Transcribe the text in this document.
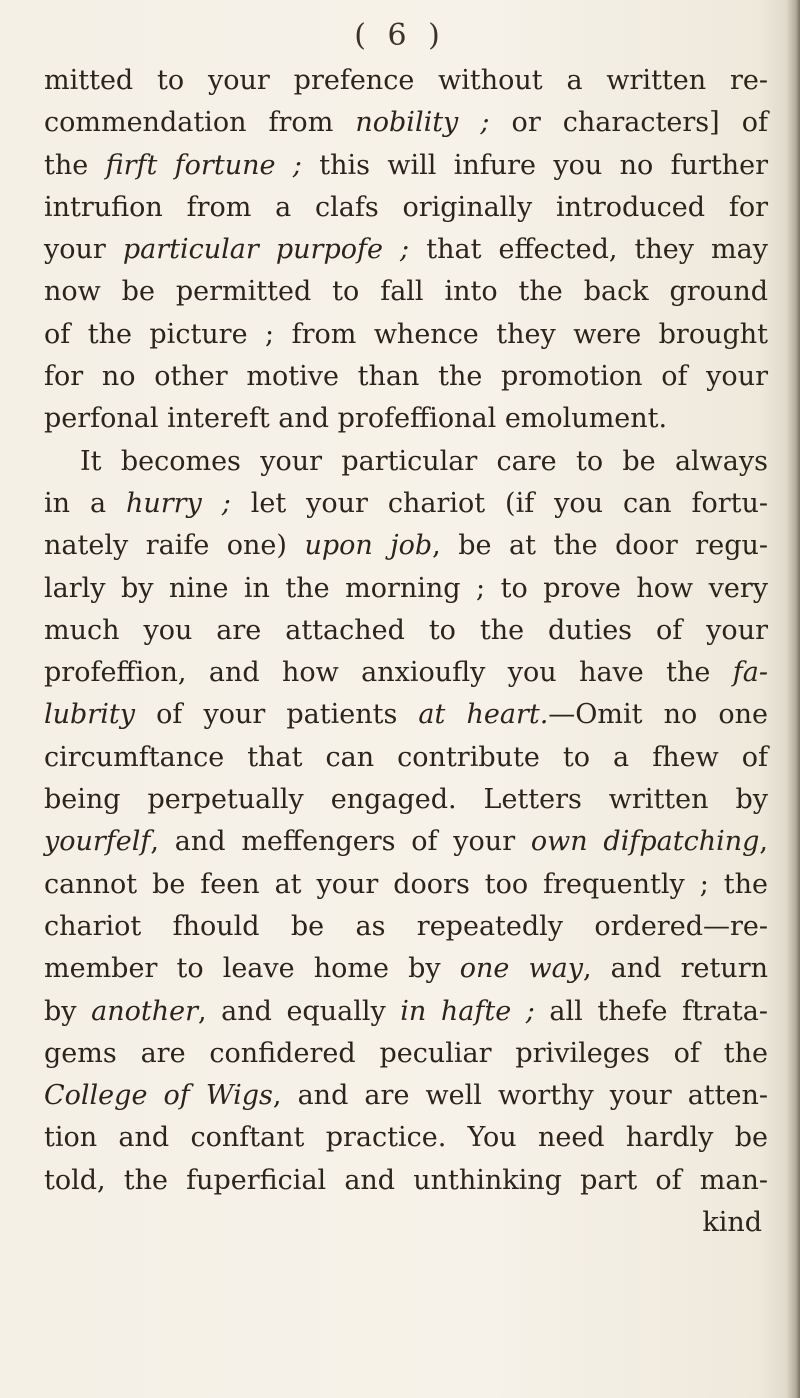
( 6 )
mitted to your prefence without a written re-
commendation from nobility ; or characters] of
the firft fortune ; this will infure you no further
intrufion from a clafs originally introduced for
your particular purpofe ; that effected, they may
now be permitted to fall into the back ground
of the picture ; from whence they were brought
for no other motive than the promotion of your
perfonal intereft and profeffional emolument.
It becomes your particular care to be always
in a hurry ; let your chariot (if you can fortu-
nately raife one) upon job, be at the door regu-
larly by nine in the morning ; to prove how very
much you are attached to the duties of your
profeffion, and how anxioufly you have the fa-
lubrity of your patients at heart.—Omit no one
circumftance that can contribute to a fhew of
being perpetually engaged. Letters written by
yourfelf, and meffengers of your own difpatching,
cannot be feen at your doors too frequently ; the
chariot fhould be as repeatedly ordered—re-
member to leave home by one way, and return
by another, and equally in hafte ; all thefe ftrata-
gems are confidered peculiar privileges of the
College of Wigs, and are well worthy your atten-
tion and conftant practice. You need hardly be
told, the fuperficial and unthinking part of man-
kind
